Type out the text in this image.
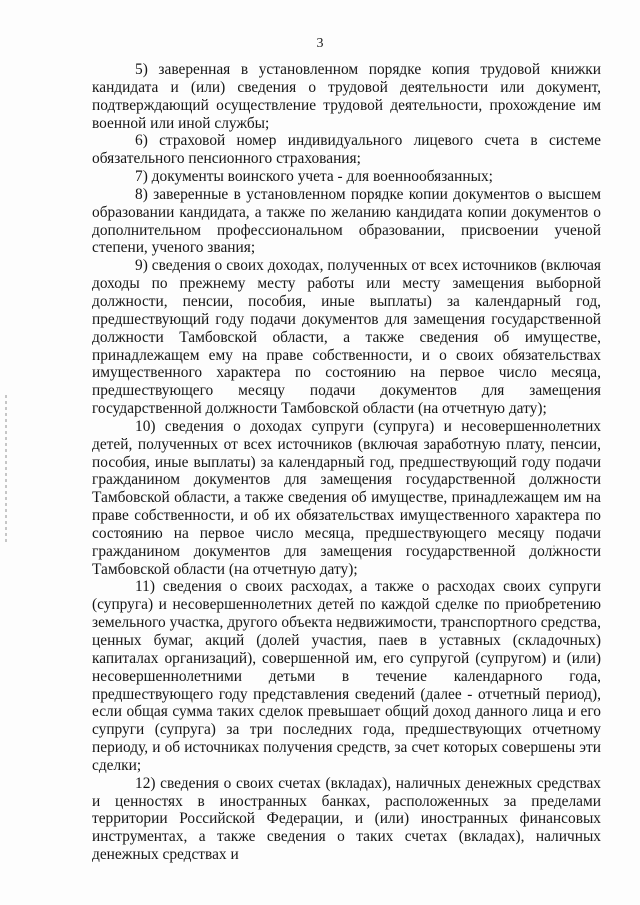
3

5) заверенная в установленном порядке копия трудовой книжки кандидата и (или) сведения о трудовой деятельности или документ, подтверждающий осуществление трудовой деятельности, прохождение им военной или иной службы;

6) страховой номер индивидуального лицевого счета в системе обязательного пенсионного страхования;

7) документы воинского учета - для военнообязанных;

8) заверенные в установленном порядке копии документов о высшем образовании кандидата, а также по желанию кандидата копии документов о дополнительном профессиональном образовании, присвоении ученой степени, ученого звания;

9) сведения о своих доходах, полученных от всех источников (включая доходы по прежнему месту работы или месту замещения выборной должности, пенсии, пособия, иные выплаты) за календарный год, предшествующий году подачи документов для замещения государственной должности Тамбовской области, а также сведения об имуществе, принадлежащем ему на праве собственности, и о своих обязательствах имущественного характера по состоянию на первое число месяца, предшествующего месяцу подачи документов для замещения государственной должности Тамбовской области (на отчетную дату);

10) сведения о доходах супруги (супруга) и несовершеннолетних детей, полученных от всех источников (включая заработную плату, пенсии, пособия, иные выплаты) за календарный год, предшествующий году подачи гражданином документов для замещения государственной должности Тамбовской области, а также сведения об имуществе, принадлежащем им на праве собственности, и об их обязательствах имущественного характера по состоянию на первое число месяца, предшествующего месяцу подачи гражданином документов для замещения государственной должности Тамбовской области (на отчетную дату);

11) сведения о своих расходах, а также о расходах своих супруги (супруга) и несовершеннолетних детей по каждой сделке по приобретению земельного участка, другого объекта недвижимости, транспортного средства, ценных бумаг, акций (долей участия, паев в уставных (складочных) капиталах организаций), совершенной им, его супругой (супругом) и (или) несовершеннолетними детьми в течение календарного года, предшествующего году представления сведений (далее - отчетный период), если общая сумма таких сделок превышает общий доход данного лица и его супруги (супруга) за три последних года, предшествующих отчетному периоду, и об источниках получения средств, за счет которых совершены эти сделки;

12) сведения о своих счетах (вкладах), наличных денежных средствах и ценностях в иностранных банках, расположенных за пределами территории Российской Федерации, и (или) иностранных финансовых инструментах, а также сведения о таких счетах (вкладах), наличных денежных средствах и
